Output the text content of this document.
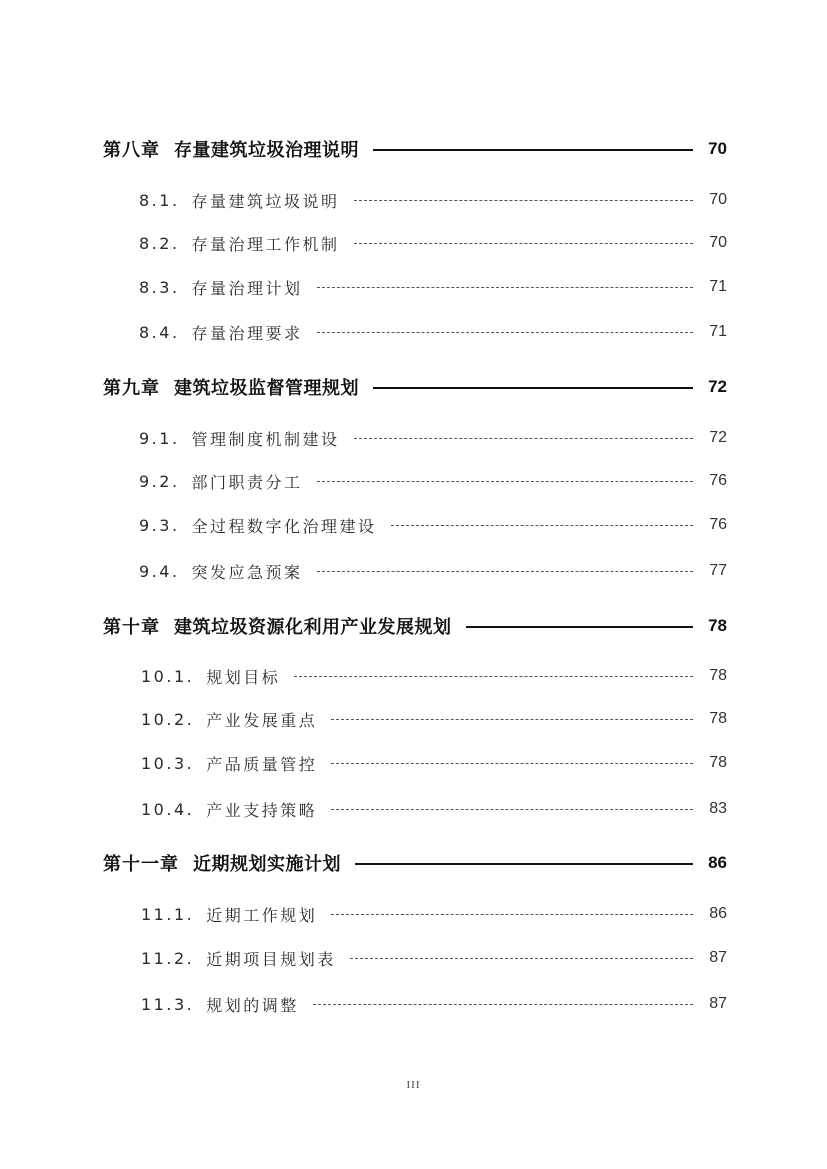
第八章 存量建筑垃圾治理说明	70
8.1. 存量建筑垃圾说明	70
8.2. 存量治理工作机制	70
8.3. 存量治理计划	71
8.4. 存量治理要求	71
第九章 建筑垃圾监督管理规划	72
9.1. 管理制度机制建设	72
9.2. 部门职责分工	76
9.3. 全过程数字化治理建设	76
9.4. 突发应急预案	77
第十章 建筑垃圾资源化利用产业发展规划	78
10.1. 规划目标	78
10.2. 产业发展重点	78
10.3. 产品质量管控	78
10.4. 产业支持策略	83
第十一章 近期规划实施计划	86
11.1. 近期工作规划	86
11.2. 近期项目规划表	87
11.3. 规划的调整	87
III
